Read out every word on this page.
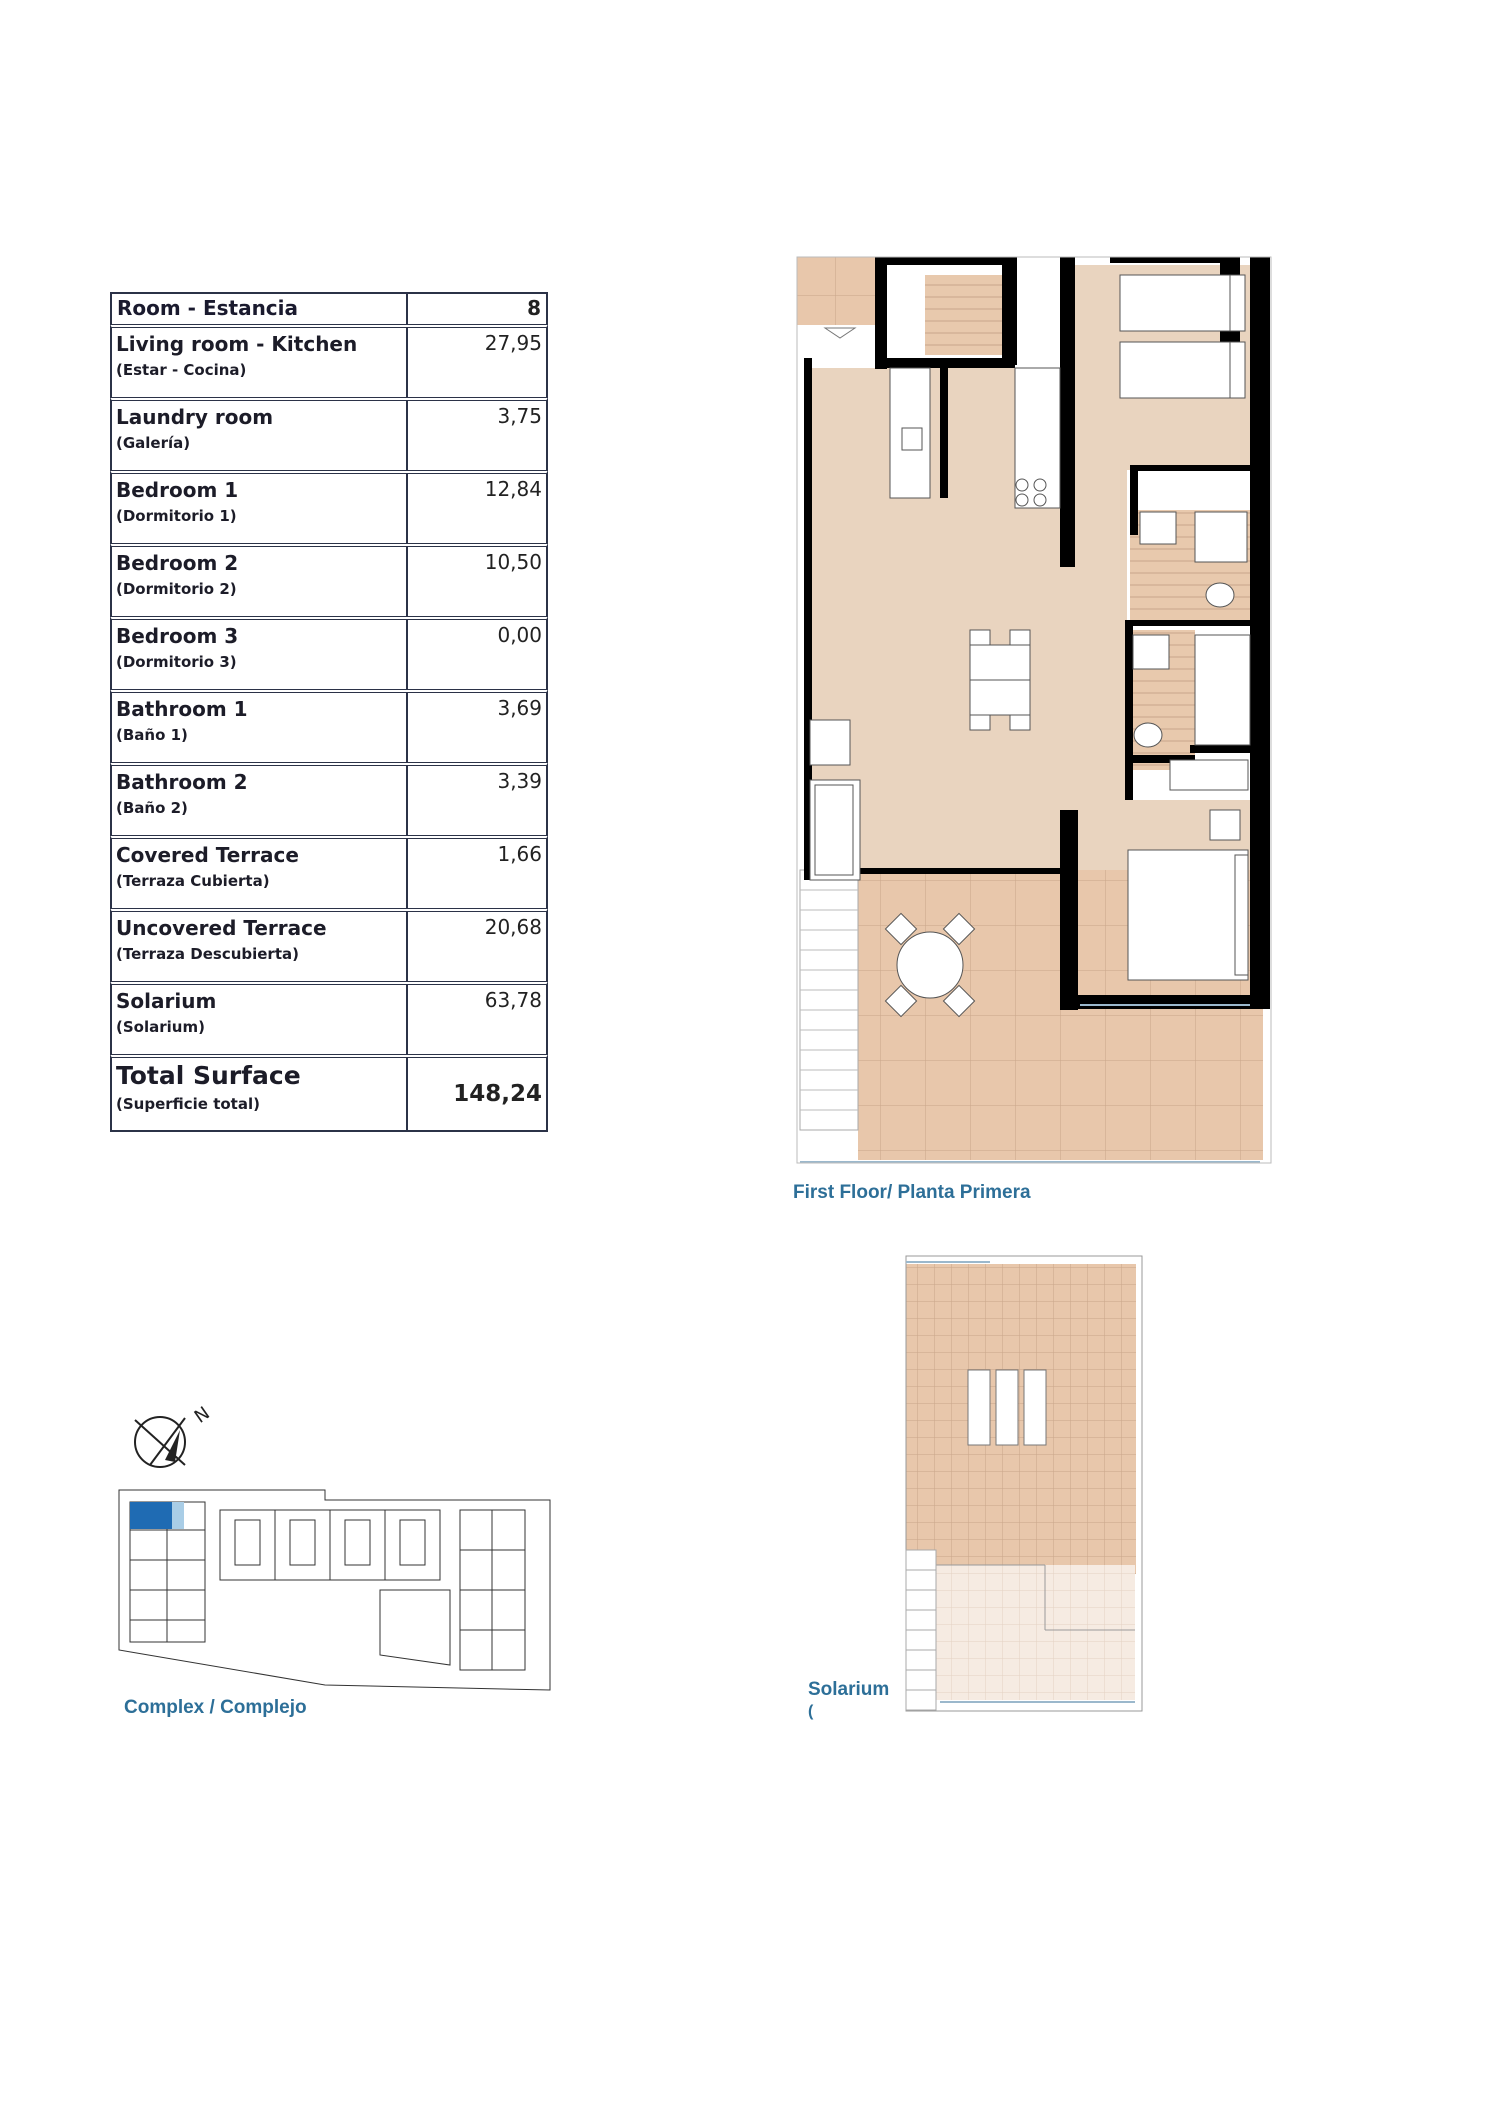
Room - Estancia	8
Living room - Kitchen
(Estar - Cocina)
27,95
Laundry room
(Galería)
3,75
Bedroom 1
(Dormitorio 1)
12,84
Bedroom 2
(Dormitorio 2)
10,50
Bedroom 3
(Dormitorio 3)
0,00
Bathroom 1
(Baño 1)
3,69
Bathroom 2
(Baño 2)
3,39
Covered Terrace
(Terraza Cubierta)
1,66
Uncovered Terrace
(Terraza Descubierta)
20,68
Solarium
(Solarium)
63,78
Total Surface
(Superficie total)	148,24
First Floor/ Planta Primera
Solarium
(
N
Complex / Complejo
